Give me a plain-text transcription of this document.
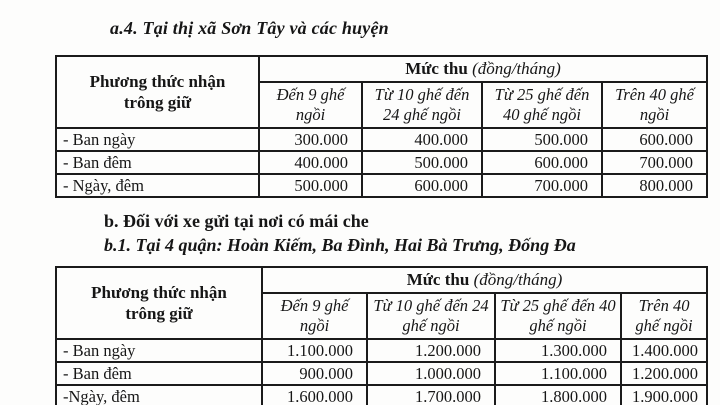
a.4. Tại thị xã Sơn Tây và các huyện
Phương thức nhận trông giữ	Mức thu (đồng/tháng)			
	Đến 9 ghế ngồi	Từ 10 ghế đến 24 ghế ngồi	Từ 25 ghế đến 40 ghế ngồi	Trên 40 ghế ngồi
- Ban ngày	300.000	400.000	500.000	600.000
- Ban đêm	400.000	500.000	600.000	700.000
- Ngày, đêm	500.000	600.000	700.000	800.000
b. Đối với xe gửi tại nơi có mái che
b.1. Tại 4 quận: Hoàn Kiếm, Ba Đình, Hai Bà Trưng, Đống Đa
Phương thức nhận trông giữ	Mức thu (đồng/tháng)			
	Đến 9 ghế ngồi	Từ 10 ghế đến 24 ghế ngồi	Từ 25 ghế đến 40 ghế ngồi	Trên 40 ghế ngồi
- Ban ngày	1.100.000	1.200.000	1.300.000	1.400.000
- Ban đêm	900.000	1.000.000	1.100.000	1.200.000
-Ngày, đêm	1.600.000	1.700.000	1.800.000	1.900.000
